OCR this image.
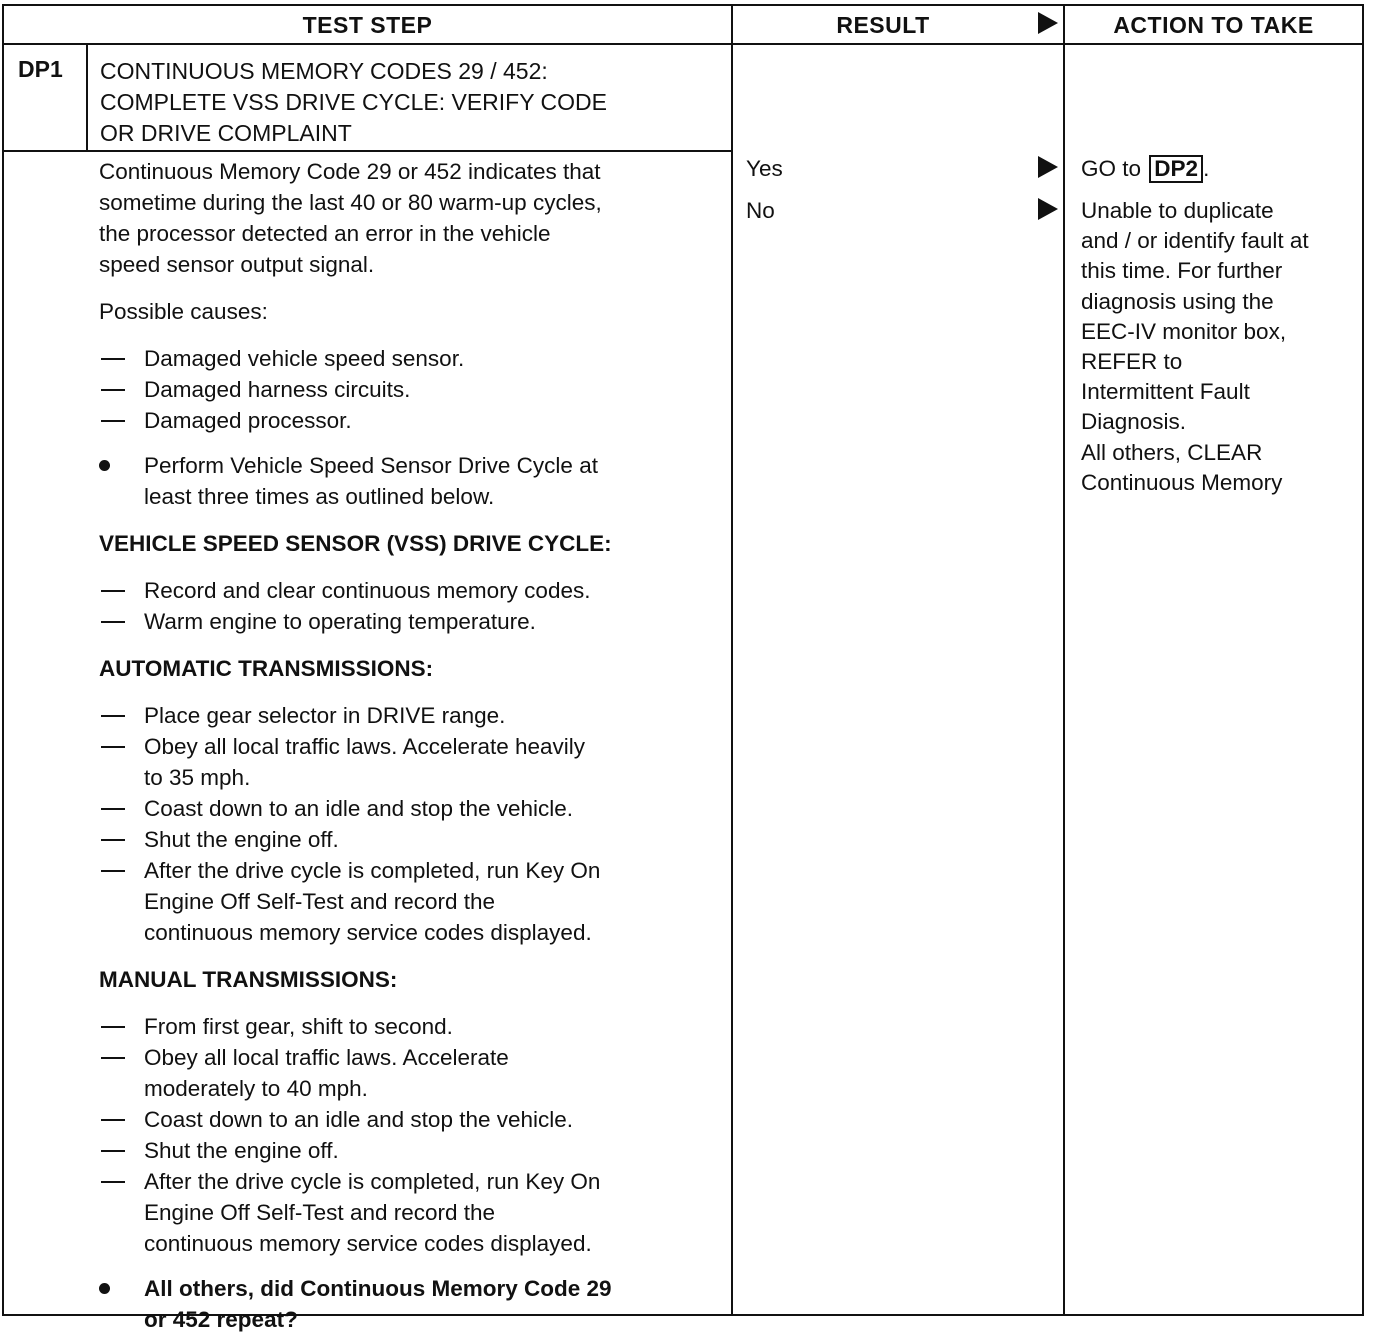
TEST STEP	RESULT	ACTION TO TAKE
DP1 CONTINUOUS MEMORY CODES 29 / 452:
COMPLETE VSS DRIVE CYCLE: VERIFY CODE
OR DRIVE COMPLAINT
Continuous Memory Code 29 or 452 indicates that
sometime during the last 40 or 80 warm-up cycles,
the processor detected an error in the vehicle
speed sensor output signal.
Possible causes:
Damaged vehicle speed sensor.
Damaged harness circuits.
Damaged processor.
Perform Vehicle Speed Sensor Drive Cycle at
least three times as outlined below.
VEHICLE SPEED SENSOR (VSS) DRIVE CYCLE:
Record and clear continuous memory codes.
Warm engine to operating temperature.
AUTOMATIC TRANSMISSIONS:
Place gear selector in DRIVE range.
Obey all local traffic laws. Accelerate heavily
to 35 mph.
Coast down to an idle and stop the vehicle.
Shut the engine off.
After the drive cycle is completed, run Key On
Engine Off Self-Test and record the
continuous memory service codes displayed.
MANUAL TRANSMISSIONS:
From first gear, shift to second.
Obey all local traffic laws. Accelerate
moderately to 40 mph.
Coast down to an idle and stop the vehicle.
Shut the engine off.
After the drive cycle is completed, run Key On
Engine Off Self-Test and record the
continuous memory service codes displayed.
All others, did Continuous Memory Code 29
or 452 repeat?
Yes
No
GO to DP2 .
Unable to duplicate
and / or identify fault at
this time. For further
diagnosis using the
EEC-IV monitor box,
REFER to
Intermittent Fault
Diagnosis.
All others, CLEAR
Continuous Memory
